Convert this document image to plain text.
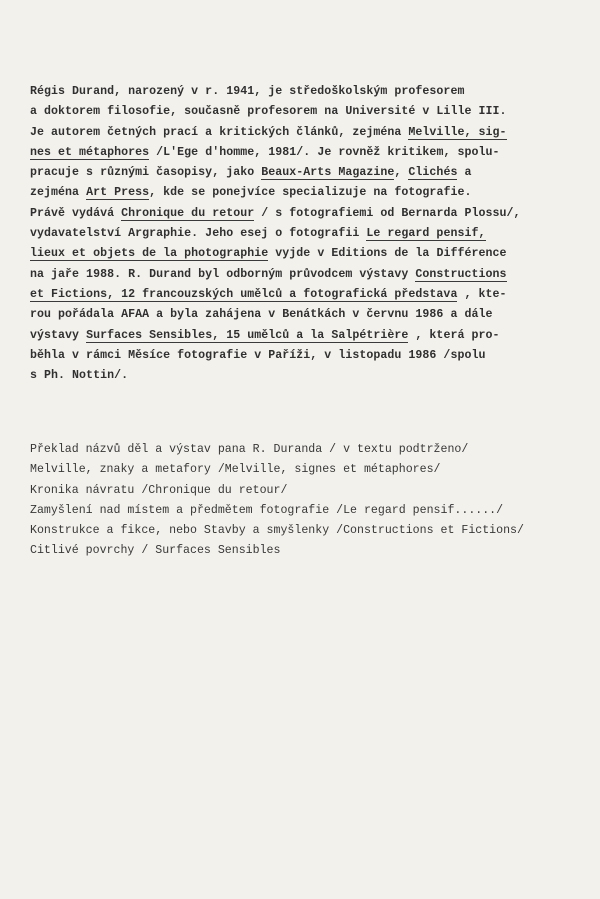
Régis Durand, narozený v r. 1941, je středoškolským profesorem
a doktorem filosofie, současně profesorem na Université v Lille III.
Je autorem četných prací a kritických článků, zejména Melville, sig-
nes et métaphores /L'Ege d'homme, 1981/. Je rovněž kritikem, spolu-
pracuje s různými časopisy, jako Beaux-Arts Magazine, Clichés a
zejména Art Press, kde se ponejvíce specializuje na fotografie.
Právě vydává Chronique du retour / s fotografiemi od Bernarda Plossu/,
vydavatelství Argraphie. Jeho esej o fotografii Le regard pensif,
lieux et objets de la photographie vyjde v Editions de la Différence
na jaře 1988. R. Durand byl odborným průvodcem výstavy Constructions
et Fictions, 12 francouzských umělců a fotografická představa , kte-
rou pořádala AFAA a byla zahájena v Benátkách v červnu 1986 a dále
výstavy Surfaces Sensibles, 15 umělců a la Salpétrière , která pro-
běhla v rámci Měsíce fotografie v Paříži, v listopadu 1986 /spolu
s Ph. Nottin/.
Překlad názvů děl a výstav pana R. Duranda / v textu podtrženo/
Melville, znaky a metafory /Melville, signes et métaphores/
Kronika návratu /Chronique du retour/
Zamyšlení nad místem a předmětem fotografie /Le regard pensif....../
Konstrukce a fikce, nebo Stavby a smyšlenky /Constructions et Fictions/
Citlivé povrchy / Surfaces Sensibles
